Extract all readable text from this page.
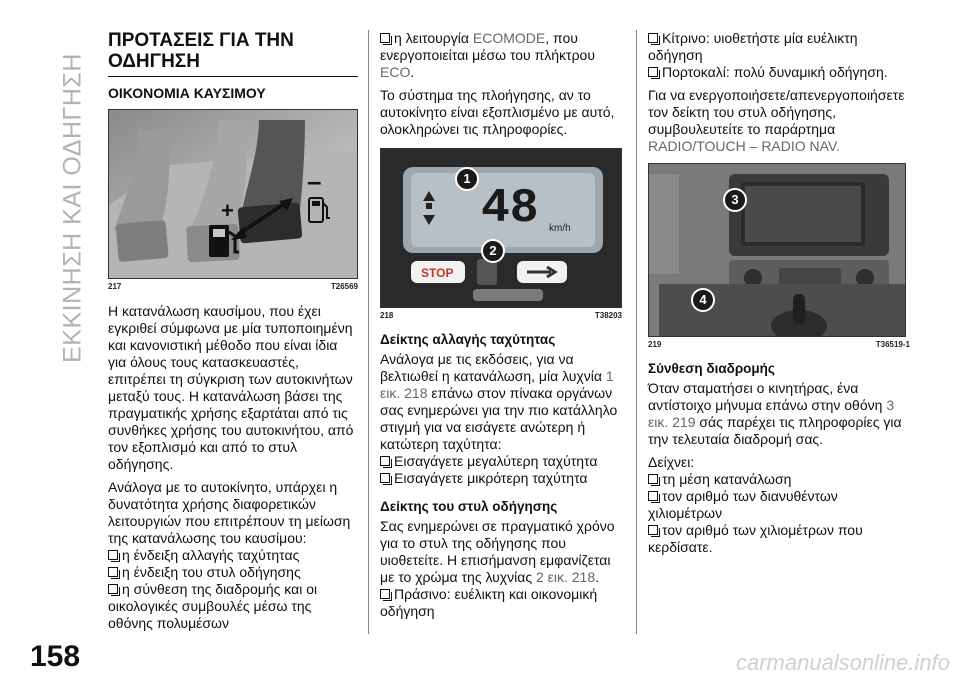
ΕΚΚΙΝΗΣΗ ΚΑΙ ΟΔΗΓΗΣΗ
ΠΡΟΤΑΣΕΙΣ ΓΙΑ ΤΗΝ ΟΔΗΓΗΣΗ
ΟΙΚΟΝΟΜΙΑ ΚΑΥΣΙΜΟΥ
+
–
217	T26569

Η κατανάλωση καυσίμου, που έχει εγκριθεί σύμφωνα με μία τυποποιημένη και κανονιστική μέθοδο που είναι ίδια για όλους τους κατασκευαστές, επιτρέπει τη σύγκριση των αυτοκινήτων μεταξύ τους. Η κατανάλωση βάσει της πραγματικής χρήσης εξαρτάται από τις συνθήκες χρήσης του αυτοκινήτου, από τον εξοπλισμό και από το στυλ οδήγησης.

Ανάλογα με το αυτοκίνητο, υπάρχει η δυνατότητα χρήσης διαφορετικών λειτουργιών που επιτρέπουν τη μείωση της κατανάλωσης του καυσίμου:

η ένδειξη αλλαγής ταχύτητας
η ένδειξη του στυλ οδήγησης
η σύνθεση της διαδρομής και οι οικολογικές συμβουλές μέσω της οθόνης πολυμέσων

η λειτουργία ECOMODE, που ενεργοποιείται μέσω του πλήκτρου ECO.

Το σύστημα της πλοήγησης, αν το αυτοκίνητο είναι εξοπλισμένο με αυτό, ολοκληρώνει τις πληροφορίες.

km/h
48
STOP
1
2
218	T38203
Δείκτης αλλαγής ταχύτητας

Ανάλογα με τις εκδόσεις, για να βελτιωθεί η κατανάλωση, μία λυχνία 1 εικ. 218 επάνω στον πίνακα οργάνων σας ενημερώνει για την πιο κατάλληλο στιγμή για να εισάγετε ανώτερη ή κατώτερη ταχύτητα:

Εισαγάγετε μεγαλύτερη ταχύτητα
Εισαγάγετε μικρότερη ταχύτητα
Δείκτης του στυλ οδήγησης

Σας ενημερώνει σε πραγματικό χρόνο για το στυλ της οδήγησης που υιοθετείτε. Η επισήμανση εμφανίζεται με το χρώμα της λυχνίας 2 εικ. 218.

Πράσινο: ευέλικτη και οικονομική οδήγηση
Κίτρινο: υιοθετήστε μία ευέλικτη οδήγηση
Πορτοκαλί: πολύ δυναμική οδήγηση.

Για να ενεργοποιήσετε/απενεργοποιήσετε τον δείκτη του στυλ οδήγησης, συμβουλευτείτε το παράρτημα RADIO/TOUCH – RADIO NAV.

3
4
219	T36519-1
Σύνθεση διαδρομής

Όταν σταματήσει ο κινητήρας, ένα αντίστοιχο μήνυμα επάνω στην οθόνη 3 εικ. 219 σάς παρέχει τις πληροφορίες για την τελευταία διαδρομή σας.

Δείχνει:

τη μέση κατανάλωση
τον αριθμό των διανυθέντων χιλιομέτρων
τον αριθμό των χιλιομέτρων που κερδίσατε.
158	carmanualsonline.info
